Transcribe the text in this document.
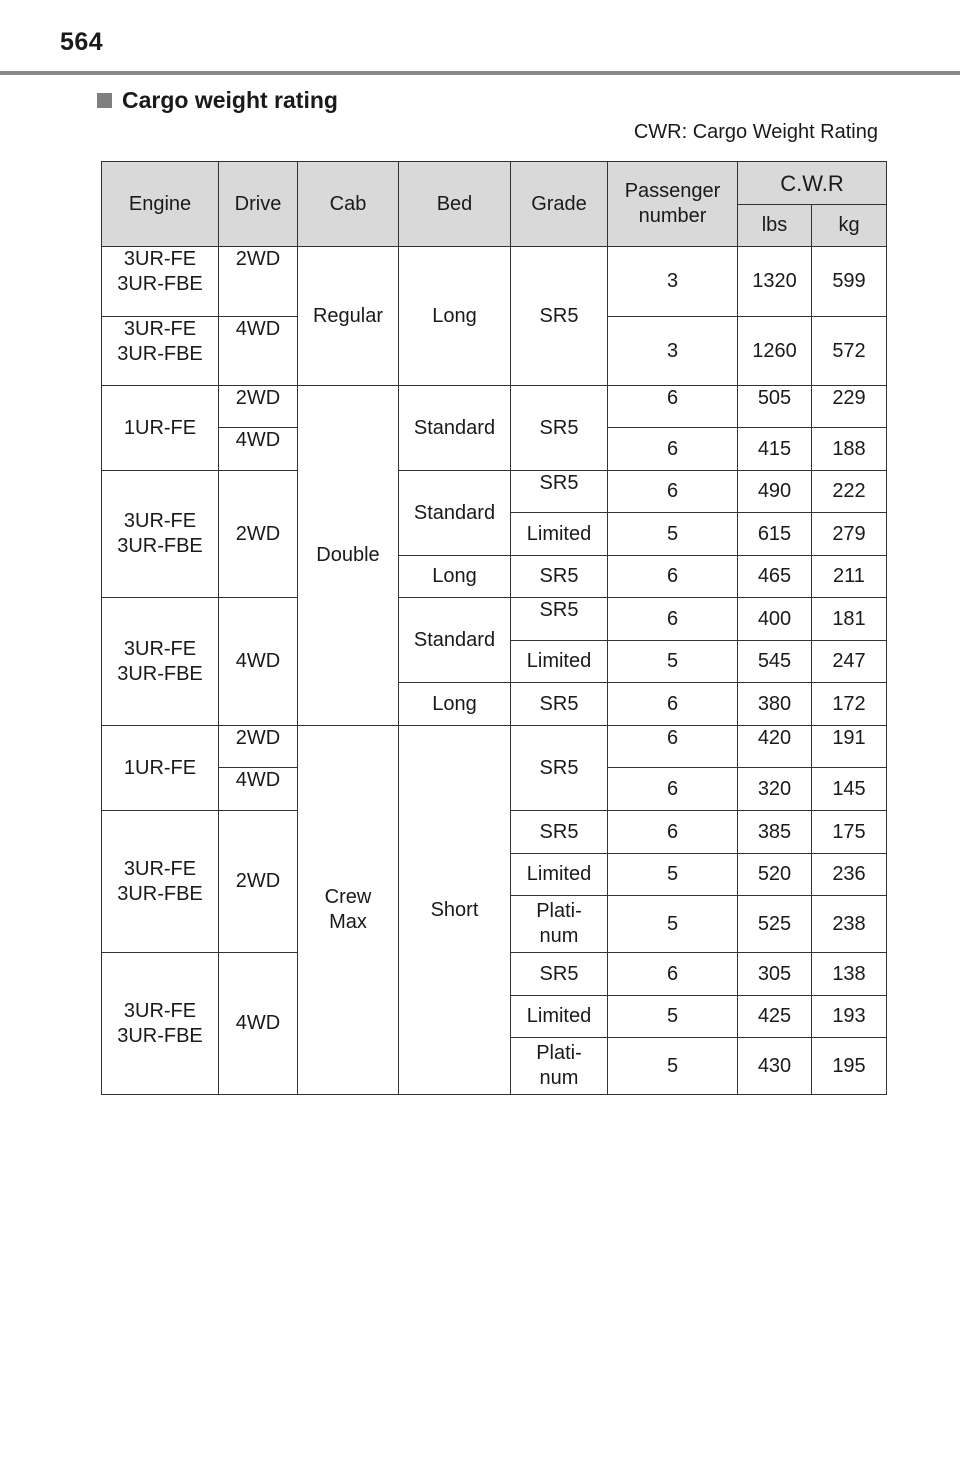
564
Cargo weight rating
CWR: Cargo Weight Rating
Engine	Drive	Cab	Bed	Grade	Passenger number	C.W.R	
						lbs	kg
3UR-FE
3UR-FBE	2WD	Regular	Long	SR5	3	1320	599
3UR-FE
3UR-FBE	4WD				3	1260	572
1UR-FE	2WD	Double	Standard	SR5	6	505	229
	4WD				6	415	188
3UR-FE
3UR-FBE	2WD		Standard	SR5	6	490	222
				Limited	5	615	279
			Long	SR5	6	465	211
3UR-FE
3UR-FBE	4WD		Standard	SR5	6	400	181
				Limited	5	545	247
			Long	SR5	6	380	172
1UR-FE	2WD	Crew
Max	Short	SR5	6	420	191
	4WD				6	320	145
3UR-FE
3UR-FBE	2WD			SR5	6	385	175
				Limited	5	520	236
				Plati-
num	5	525	238
3UR-FE
3UR-FBE	4WD			SR5	6	305	138
				Limited	5	425	193
				Plati-
num	5	430	195
